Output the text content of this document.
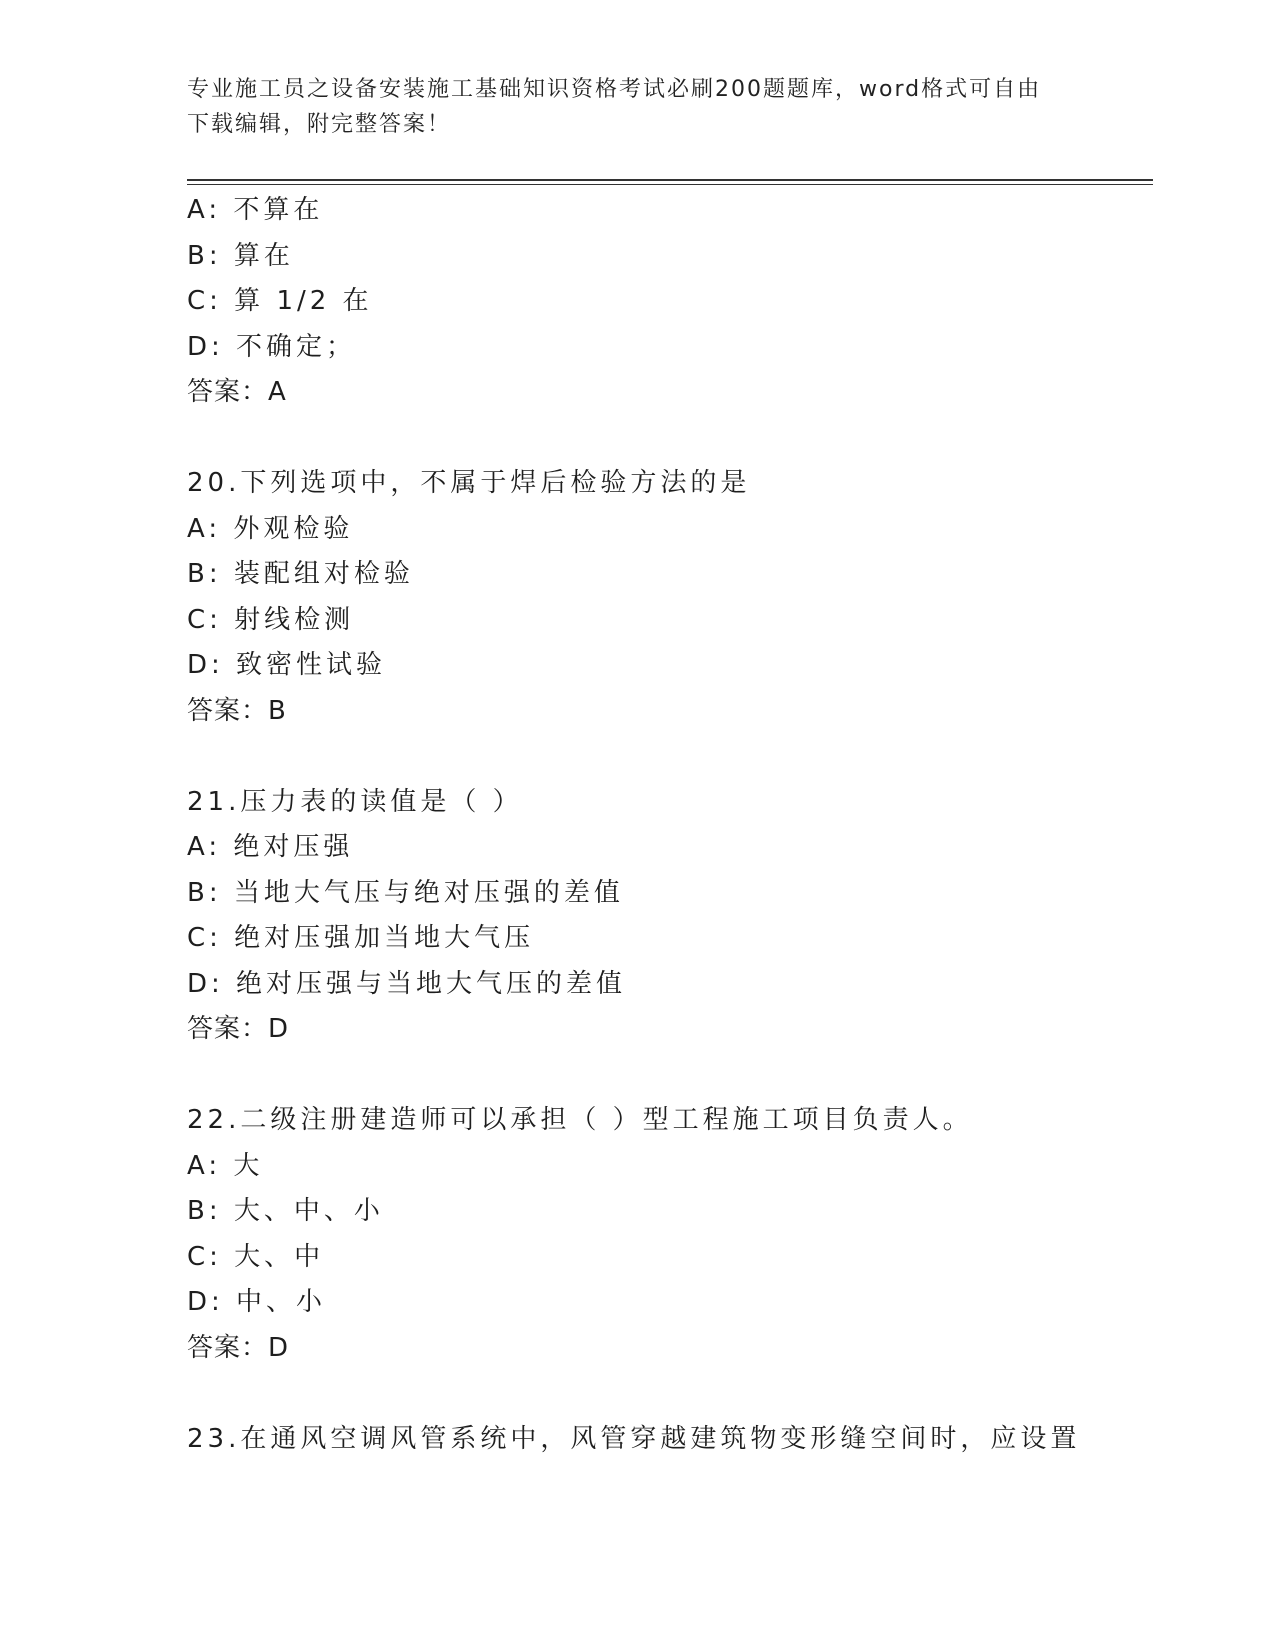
专业施工员之设备安装施工基础知识资格考试必刷200题题库，word格式可自由
下载编辑，附完整答案！
A: 不算在
B: 算在
C: 算 1/2 在
D: 不确定；
答案：A
20.下列选项中，不属于焊后检验方法的是
A: 外观检验
B: 装配组对检验
C: 射线检测
D: 致密性试验
答案：B
21.压力表的读值是（ ）
A: 绝对压强
B: 当地大气压与绝对压强的差值
C: 绝对压强加当地大气压
D: 绝对压强与当地大气压的差值
答案：D
22.二级注册建造师可以承担（ ）型工程施工项目负责人。
A: 大
B: 大、中、小
C: 大、中
D: 中、小
答案：D
23.在通风空调风管系统中，风管穿越建筑物变形缝空间时，应设置
